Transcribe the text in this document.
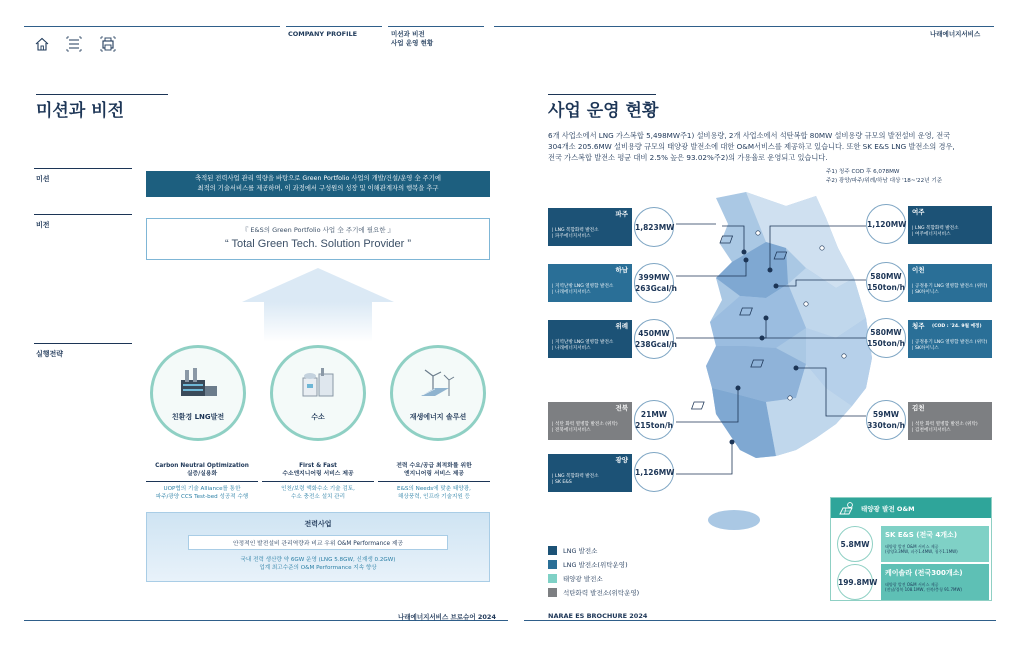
COMPANY PROFILE	미션과 비전
사업 운영 현황
나래에너지서비스
미션과 비전
미션	축적된 전력사업 관리 역량을 바탕으로 Green Portfolio 사업의 개발/건설/운영 全 주기에
최적의 기술서비스를 제공하며, 이 과정에서 구성원의 성장 및 이해관계자의 행복을 추구
비전
『 E&S의 Green Portfolio 사업 全 주기에 필요한 』
“ Total Green Tech. Solution Provider ”
실행전략
친환경 LNG발전	수소	재생에너지 솔루션
Carbon Neutral Optimization
실증/실용화
UOP협의 기술 Alliance를 통한
파주/광양 CCS Test-bed 성공적 수행
First & Fast
수소엔지니어링 서비스 제공
인천/보령 액화수소 기술 검토,
수소 충전소 설치 관리
전력 수요/공급 최적화를 위한
엔지니어링 서비스 제공
E&S의 Needs에 맞춘 태양광,
해상풍력, 인프라 기술지원 등
전력사업
안정적인 발전설비 관리역량과 비교 우위 O&M Performance 제공
국내 전력 생산량 약 6GW 운영 (LNG 5.8GW, 신재생 0.2GW)
업계 최고수준의 O&M Performance 지속 향상
나래에너지서비스 브로슈어 2024
사업 운영 현황
6개 사업소에서 LNG 가스복합 5,498MW주1) 설비용량, 2개 사업소에서 석탄복합 80MW 설비용량 규모의 발전설비 운영, 전국
304개소 205.6MW 설비용량 규모의 태양광 발전소에 대한 O&M서비스를 제공하고 있습니다. 또한 SK E&S LNG 발전소의 경우,
전국 가스복합 발전소 평균 대비 2.5% 높은 93.02%주2)의 가용율로 운영되고 있습니다.
주1) 청주 COD 후 6,078MW
주2) 광양/파주/위례/하남 대상 '18~'22년 기준
파주
| LNG 복합화력 발전소
| 파주에너지서비스
1,823MW
하남
| 지역난방 LNG 열병합 발전소
| 나래에너지서비스
399MW
263Gcal/h
위례
| 지역난방 LNG 열병합 발전소
| 나래에너지서비스
450MW
238Gcal/h
전북
| 석탄 화력 열병합 발전소 (위탁)
| 전북에너지서비스
21MW
215ton/h
광양
| LNG 복합화력 발전소
| SK E&S
1,126MW
1,120MW
여주
| LNG 복합화력 발전소
| 여주에너지서비스
580MW
150ton/h
이천
| 공정용기 LNG 열병합 발전소 (위탁)
| SK하이닉스
580MW
150ton/h
청주 (COD : '24. 9월 예정)
| 공정용기 LNG 열병합 발전소 (위탁)
| SK하이닉스
59MW
330ton/h
김천
| 석탄 화력 열병합 발전소 (위탁)
| 김천에너지서비스
LNG 발전소
LNG 발전소(위탁운영)
태양광 발전소
석탄화력 발전소(위탁운영)
태양광 발전 O&M
5.8MW
SK E&S (전국 4개소)
태양광 발전 O&M 서비스 제공
(광양3.3MW, 파주1.4MW, 청주1.1MW)
199.8MW
케이솔라 (전국300개소)
태양광 발전 O&M 서비스 제공
(전남/경북 108.1MW, 전북/충청 91.7MW)
NARAE ES BROCHURE 2024
